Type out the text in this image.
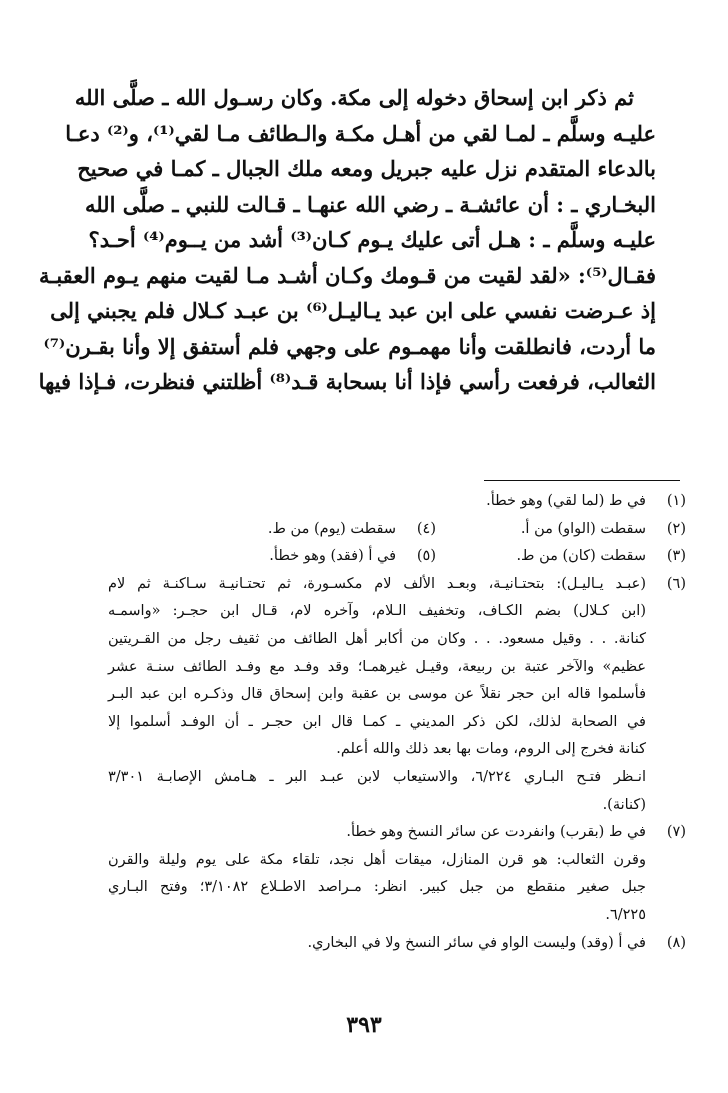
ثم ذكر ابن إسحاق دخوله إلى مكة. وكان رسـول الله ـ صلَّى الله
عليـه وسلَّم ـ لمـا لقي من أهـل مكـة والـطائف مـا لقي⁽¹⁾، و⁽²⁾ دعـا
بالدعاء المتقدم نزل عليه جبريل ومعه ملك الجبال ـ كمـا في صحيح
البخـاري ـ : أن عائشـة ـ رضي الله عنهـا ـ قـالت للنبي ـ صلَّى الله
عليـه وسلَّم ـ : هـل أتى عليك يـوم كـان⁽³⁾ أشد من يــوم⁽⁴⁾ أحـد؟
فقـال⁽⁵⁾: «لقد لقيت من قـومك وكـان أشـد مـا لقيت منهم يـوم العقبـة
إذ عـرضت نفسي على ابن عبد يـاليـل⁽⁶⁾ بن عبـد كـلال فلم يجبني إلى
ما أردت، فانطلقت وأنا مهمـوم على وجهي فلم أستفق إلا وأنا بقـرن⁽⁷⁾
الثعالب، فرفعت رأسي فإذا أنا بسحابة قـد⁽⁸⁾ أظلتني فنظرت، فـإذا فيها
(١)
في ط (لما لقي) وهو خطأ.
(٢)
سقطت (الواو) من أ.
(٤)
سقطت (يوم) من ط.
(٣)
سقطت (كان) من ط.
(٥)
في أ (فقد) وهو خطأ.
(٦)
(عبـد يـاليـل): بتحتـانيـة، وبعـد الألف لام مكسـورة، ثم تحتـانيـة سـاكنـة ثم لام
(ابن كـلال) بضم الكـاف، وتخفيف الـلام، وآخره لام، قـال ابن حجـر: «واسمـه
كنانة. . . وقيل مسعود. . . وكان من أكابر أهل الطائف من ثقيف رجل من القـريتين
عظيم» والآخر عتبة بن ربيعة، وقيـل غيرهمـا؛ وقد وفـد مع وفـد الطائف سنـة عشر
فأسلموا قاله ابن حجر نقلاً عن موسى بن عقبة وابن إسحاق قال وذكـره ابن عبد البـر
في الصحابة لذلك، لكن ذكر المديني ـ كمـا قال ابن حجـر ـ أن الوفـد أسلموا إلا
كنانة فخرج إلى الروم، ومات بها بعد ذلك والله أعلم.
انـظر فتـح البـاري ٦/٢٢٤، والاستيعاب لابن عبـد البر ـ هـامش الإصابـة ٣/٣٠١
(كنانة).
(٧)
في ط (بقرب) وانفردت عن سائر النسخ وهو خطأ.
وقرن الثعالب: هو قرن المنازل، ميقات أهل نجد، تلقاء مكة على يوم وليلة والقرن
جبل صغير منقطع من جبل كبير. انظر: مـراصد الاطـلاع ٣/١٠٨٢؛ وفتح البـاري
٦/٢٢٥.
(٨)
في أ (وقد) وليست الواو في سائر النسخ ولا في البخاري.
٣٩٣
